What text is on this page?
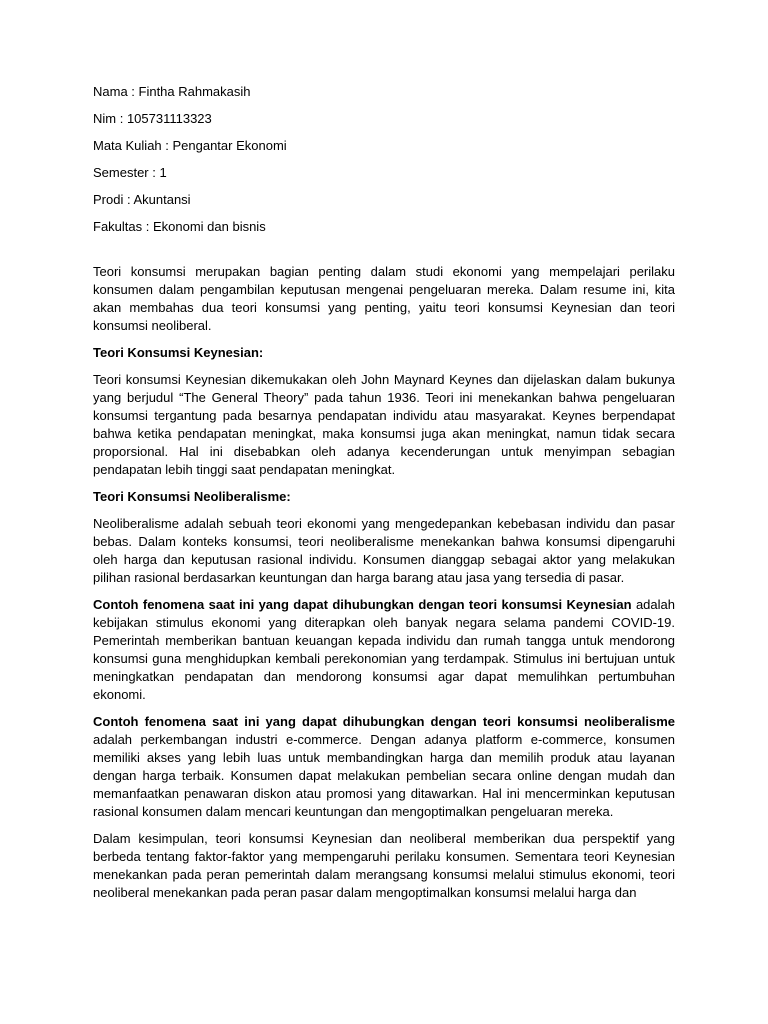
Nama : Fintha Rahmakasih

Nim : 105731113323

Mata Kuliah : Pengantar Ekonomi

Semester : 1

Prodi : Akuntansi

Fakultas : Ekonomi dan bisnis

Teori konsumsi merupakan bagian penting dalam studi ekonomi yang mempelajari perilaku konsumen dalam pengambilan keputusan mengenai pengeluaran mereka. Dalam resume ini, kita akan membahas dua teori konsumsi yang penting, yaitu teori konsumsi Keynesian dan teori konsumsi neoliberal.

Teori Konsumsi Keynesian:

Teori konsumsi Keynesian dikemukakan oleh John Maynard Keynes dan dijelaskan dalam bukunya yang berjudul “The General Theory” pada tahun 1936. Teori ini menekankan bahwa pengeluaran konsumsi tergantung pada besarnya pendapatan individu atau masyarakat. Keynes berpendapat bahwa ketika pendapatan meningkat, maka konsumsi juga akan meningkat, namun tidak secara proporsional. Hal ini disebabkan oleh adanya kecenderungan untuk menyimpan sebagian pendapatan lebih tinggi saat pendapatan meningkat.

Teori Konsumsi Neoliberalisme:

Neoliberalisme adalah sebuah teori ekonomi yang mengedepankan kebebasan individu dan pasar bebas. Dalam konteks konsumsi, teori neoliberalisme menekankan bahwa konsumsi dipengaruhi oleh harga dan keputusan rasional individu. Konsumen dianggap sebagai aktor yang melakukan pilihan rasional berdasarkan keuntungan dan harga barang atau jasa yang tersedia di pasar.

Contoh fenomena saat ini yang dapat dihubungkan dengan teori konsumsi Keynesian adalah kebijakan stimulus ekonomi yang diterapkan oleh banyak negara selama pandemi COVID-19. Pemerintah memberikan bantuan keuangan kepada individu dan rumah tangga untuk mendorong konsumsi guna menghidupkan kembali perekonomian yang terdampak. Stimulus ini bertujuan untuk meningkatkan pendapatan dan mendorong konsumsi agar dapat memulihkan pertumbuhan ekonomi.

Contoh fenomena saat ini yang dapat dihubungkan dengan teori konsumsi neoliberalisme adalah perkembangan industri e-commerce. Dengan adanya platform e-commerce, konsumen memiliki akses yang lebih luas untuk membandingkan harga dan memilih produk atau layanan dengan harga terbaik. Konsumen dapat melakukan pembelian secara online dengan mudah dan memanfaatkan penawaran diskon atau promosi yang ditawarkan. Hal ini mencerminkan keputusan rasional konsumen dalam mencari keuntungan dan mengoptimalkan pengeluaran mereka.

Dalam kesimpulan, teori konsumsi Keynesian dan neoliberal memberikan dua perspektif yang berbeda tentang faktor-faktor yang mempengaruhi perilaku konsumen. Sementara teori Keynesian menekankan pada peran pemerintah dalam merangsang konsumsi melalui stimulus ekonomi, teori neoliberal menekankan pada peran pasar dalam mengoptimalkan konsumsi melalui harga dan
